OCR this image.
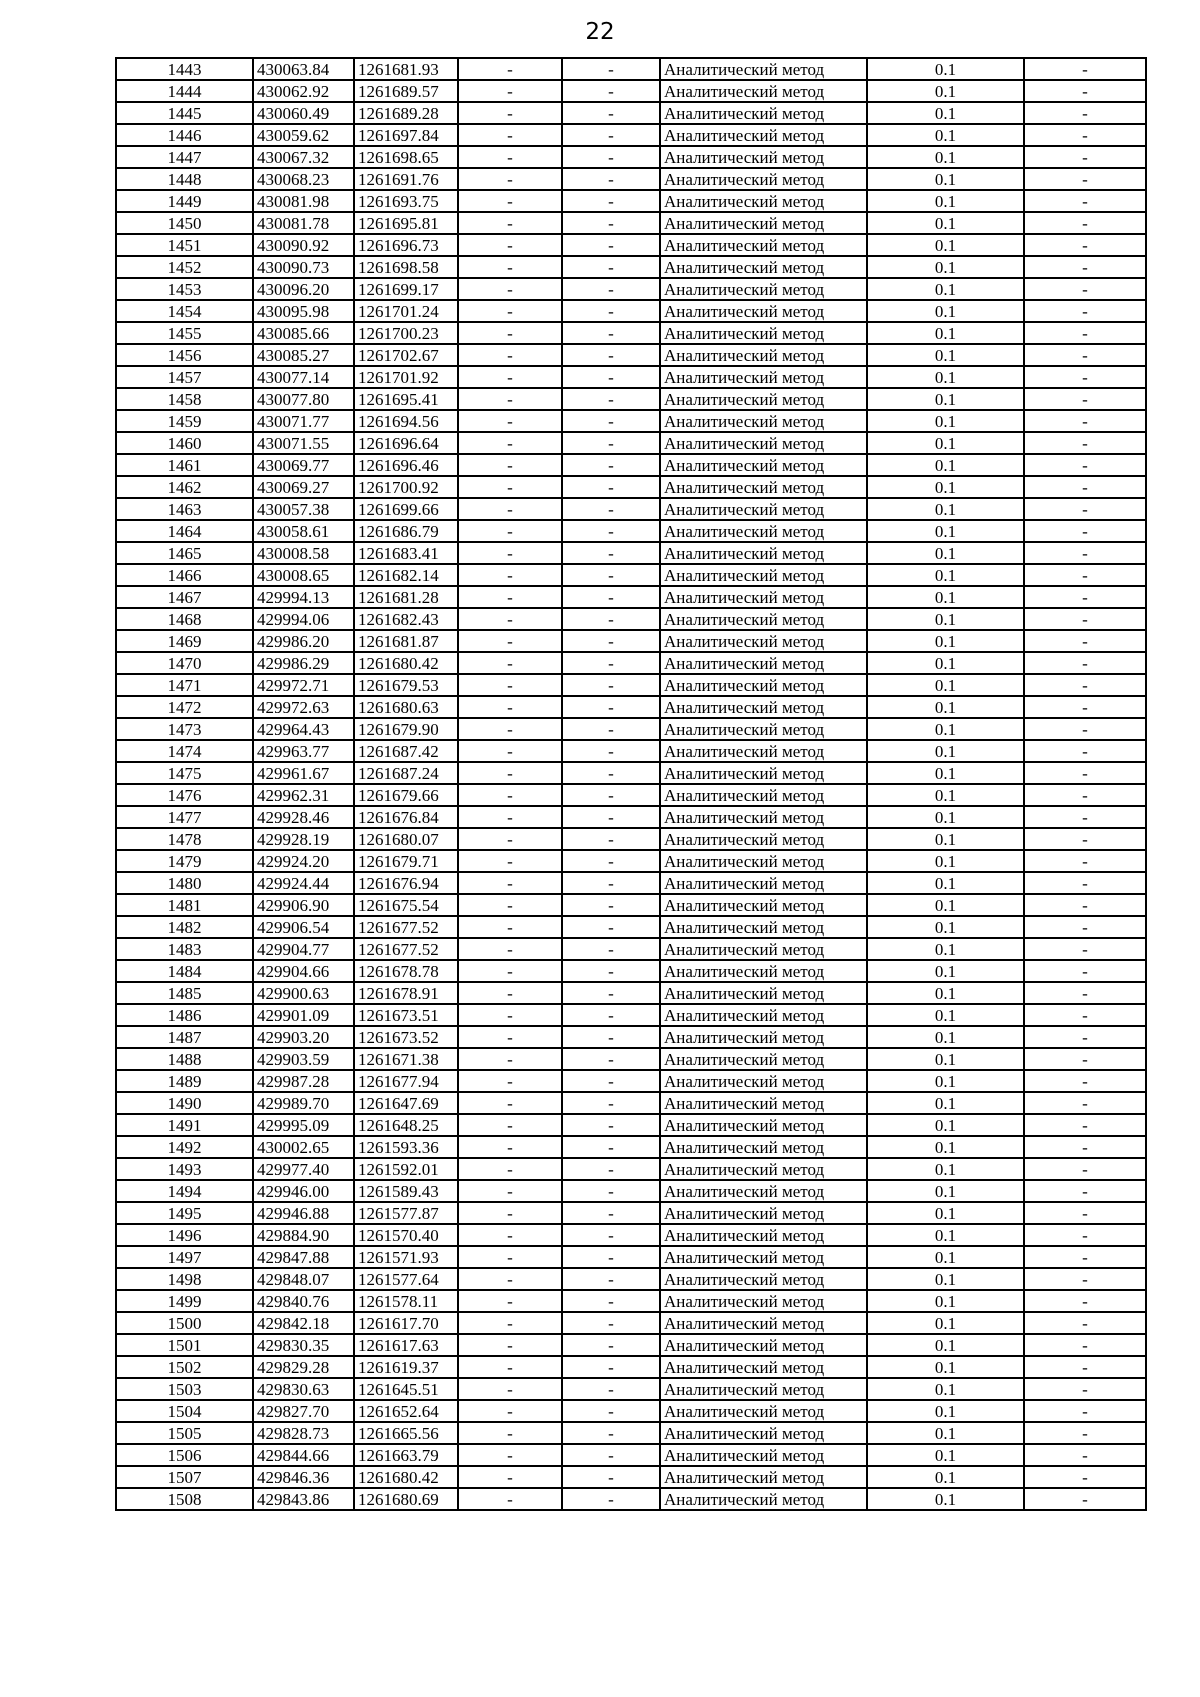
22
1443	430063.84	1261681.93	-	-	Аналитический метод	0.1	-
1444	430062.92	1261689.57	-	-	Аналитический метод	0.1	-
1445	430060.49	1261689.28	-	-	Аналитический метод	0.1	-
1446	430059.62	1261697.84	-	-	Аналитический метод	0.1	-
1447	430067.32	1261698.65	-	-	Аналитический метод	0.1	-
1448	430068.23	1261691.76	-	-	Аналитический метод	0.1	-
1449	430081.98	1261693.75	-	-	Аналитический метод	0.1	-
1450	430081.78	1261695.81	-	-	Аналитический метод	0.1	-
1451	430090.92	1261696.73	-	-	Аналитический метод	0.1	-
1452	430090.73	1261698.58	-	-	Аналитический метод	0.1	-
1453	430096.20	1261699.17	-	-	Аналитический метод	0.1	-
1454	430095.98	1261701.24	-	-	Аналитический метод	0.1	-
1455	430085.66	1261700.23	-	-	Аналитический метод	0.1	-
1456	430085.27	1261702.67	-	-	Аналитический метод	0.1	-
1457	430077.14	1261701.92	-	-	Аналитический метод	0.1	-
1458	430077.80	1261695.41	-	-	Аналитический метод	0.1	-
1459	430071.77	1261694.56	-	-	Аналитический метод	0.1	-
1460	430071.55	1261696.64	-	-	Аналитический метод	0.1	-
1461	430069.77	1261696.46	-	-	Аналитический метод	0.1	-
1462	430069.27	1261700.92	-	-	Аналитический метод	0.1	-
1463	430057.38	1261699.66	-	-	Аналитический метод	0.1	-
1464	430058.61	1261686.79	-	-	Аналитический метод	0.1	-
1465	430008.58	1261683.41	-	-	Аналитический метод	0.1	-
1466	430008.65	1261682.14	-	-	Аналитический метод	0.1	-
1467	429994.13	1261681.28	-	-	Аналитический метод	0.1	-
1468	429994.06	1261682.43	-	-	Аналитический метод	0.1	-
1469	429986.20	1261681.87	-	-	Аналитический метод	0.1	-
1470	429986.29	1261680.42	-	-	Аналитический метод	0.1	-
1471	429972.71	1261679.53	-	-	Аналитический метод	0.1	-
1472	429972.63	1261680.63	-	-	Аналитический метод	0.1	-
1473	429964.43	1261679.90	-	-	Аналитический метод	0.1	-
1474	429963.77	1261687.42	-	-	Аналитический метод	0.1	-
1475	429961.67	1261687.24	-	-	Аналитический метод	0.1	-
1476	429962.31	1261679.66	-	-	Аналитический метод	0.1	-
1477	429928.46	1261676.84	-	-	Аналитический метод	0.1	-
1478	429928.19	1261680.07	-	-	Аналитический метод	0.1	-
1479	429924.20	1261679.71	-	-	Аналитический метод	0.1	-
1480	429924.44	1261676.94	-	-	Аналитический метод	0.1	-
1481	429906.90	1261675.54	-	-	Аналитический метод	0.1	-
1482	429906.54	1261677.52	-	-	Аналитический метод	0.1	-
1483	429904.77	1261677.52	-	-	Аналитический метод	0.1	-
1484	429904.66	1261678.78	-	-	Аналитический метод	0.1	-
1485	429900.63	1261678.91	-	-	Аналитический метод	0.1	-
1486	429901.09	1261673.51	-	-	Аналитический метод	0.1	-
1487	429903.20	1261673.52	-	-	Аналитический метод	0.1	-
1488	429903.59	1261671.38	-	-	Аналитический метод	0.1	-
1489	429987.28	1261677.94	-	-	Аналитический метод	0.1	-
1490	429989.70	1261647.69	-	-	Аналитический метод	0.1	-
1491	429995.09	1261648.25	-	-	Аналитический метод	0.1	-
1492	430002.65	1261593.36	-	-	Аналитический метод	0.1	-
1493	429977.40	1261592.01	-	-	Аналитический метод	0.1	-
1494	429946.00	1261589.43	-	-	Аналитический метод	0.1	-
1495	429946.88	1261577.87	-	-	Аналитический метод	0.1	-
1496	429884.90	1261570.40	-	-	Аналитический метод	0.1	-
1497	429847.88	1261571.93	-	-	Аналитический метод	0.1	-
1498	429848.07	1261577.64	-	-	Аналитический метод	0.1	-
1499	429840.76	1261578.11	-	-	Аналитический метод	0.1	-
1500	429842.18	1261617.70	-	-	Аналитический метод	0.1	-
1501	429830.35	1261617.63	-	-	Аналитический метод	0.1	-
1502	429829.28	1261619.37	-	-	Аналитический метод	0.1	-
1503	429830.63	1261645.51	-	-	Аналитический метод	0.1	-
1504	429827.70	1261652.64	-	-	Аналитический метод	0.1	-
1505	429828.73	1261665.56	-	-	Аналитический метод	0.1	-
1506	429844.66	1261663.79	-	-	Аналитический метод	0.1	-
1507	429846.36	1261680.42	-	-	Аналитический метод	0.1	-
1508	429843.86	1261680.69	-	-	Аналитический метод	0.1	-
